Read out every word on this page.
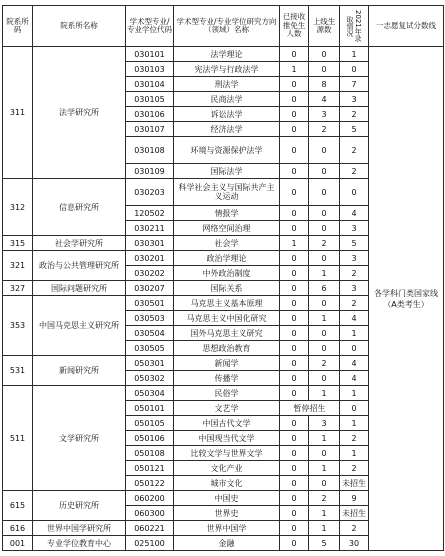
院系所码	院系所名称	学术型专业/专业学位代码	学术型专业/专业学位研究方向（领域）名称	已接收推免生人数	上线生源数	2021年录取情况	一志愿复试分数线
311	法学研究所	030101	法学理论	0	0	1	各学科门类国家线（A类考生）
		030103	宪法学与行政法学	1	0	0	
		030104	刑法学	0	8	7	
		030105	民商法学	0	4	3	
		030106	诉讼法学	0	3	2	
		030107	经济法学	0	2	5	
		030108	环境与资源保护法学	0	0	2	
		030109	国际法学	0	0	2	
312	信息研究所	030203	科学社会主义与国际共产主义运动	0	0	0	
		120502	情报学	0	0	4	
		030211	网络空间治理	0	0	3	
315	社会学研究所	030301	社会学	1	2	5	
321	政治与公共管理研究所	030201	政治学理论	0	0	3	
		030202	中外政治制度	0	1	2	
327	国际问题研究所	030207	国际关系	0	6	3	
353	中国马克思主义研究所	030501	马克思主义基本原理	0	0	2	
		030503	马克思主义中国化研究	0	1	4	
		030504	国外马克思主义研究	0	0	1	
		030505	思想政治教育	0	0	0	
531	新闻研究所	050301	新闻学	0	2	4	
		050302	传播学	0	0	4	
511	文学研究所	050304	民俗学	0	1	1	
		050101	文艺学	暂停招生		0	
		050105	中国古代文学	0	3	1	
		050106	中国现当代文学	0	1	2	
		050108	比较文学与世界文学	0	0	1	
		050121	文化产业	0	1	2	
		050122	城市文化	0	0	未招生	
615	历史研究所	060200	中国史	0	2	9	
		060300	世界史	0	1	未招生	
616	世界中国学研究所	060221	世界中国学	0	1	2	
001	专业学位教育中心	025100	金融	0	5	30	
